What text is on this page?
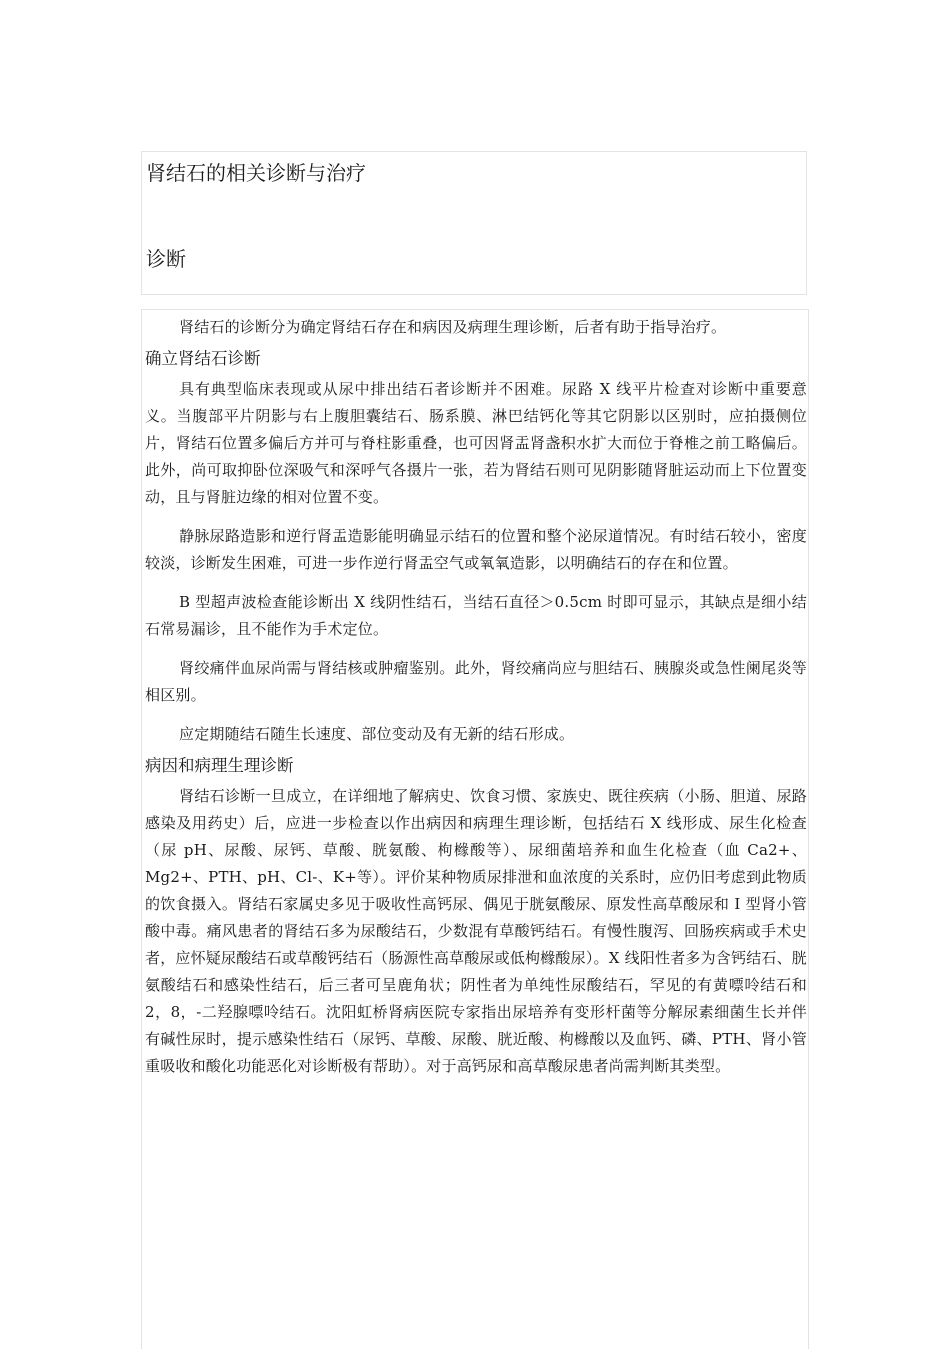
肾结石的相关诊断与治疗
诊断

肾结石的诊断分为确定肾结石存在和病因及病理生理诊断，后者有助于指导治疗。

确立肾结石诊断

具有典型临床表现或从尿中排出结石者诊断并不困难。尿路 X 线平片检查对诊断中重要意义。当腹部平片阴影与右上腹胆囊结石、肠系膜、淋巴结钙化等其它阴影以区别时，应拍摄侧位片，肾结石位置多偏后方并可与脊柱影重叠，也可因肾盂肾盏积水扩大而位于脊椎之前工略偏后。此外，尚可取抑卧位深吸气和深呼气各摄片一张，若为肾结石则可见阴影随肾脏运动而上下位置变动，且与肾脏边缘的相对位置不变。

静脉尿路造影和逆行肾盂造影能明确显示结石的位置和整个泌尿道情况。有时结石较小，密度较淡，诊断发生困难，可进一步作逆行肾盂空气或氧氧造影，以明确结石的存在和位置。

B 型超声波检查能诊断出 X 线阴性结石，当结石直径＞0.5cm 时即可显示，其缺点是细小结石常易漏诊，且不能作为手术定位。

肾绞痛伴血尿尚需与肾结核或肿瘤鉴别。此外，肾绞痛尚应与胆结石、胰腺炎或急性阑尾炎等相区别。

应定期随结石随生长速度、部位变动及有无新的结石形成。

病因和病理生理诊断

肾结石诊断一旦成立，在详细地了解病史、饮食习惯、家族史、既往疾病（小肠、胆道、尿路感染及用药史）后，应进一步检查以作出病因和病理生理诊断，包括结石 X 线形成、尿生化检查（尿 pH、尿酸、尿钙、草酸、胱氨酸、枸橼酸等）、尿细菌培养和血生化检查（血 Ca2+、Mg2+、PTH、pH、Cl-、K+等）。评价某种物质尿排泄和血浓度的关系时，应仍旧考虑到此物质的饮食摄入。肾结石家属史多见于吸收性高钙尿、偶见于胱氨酸尿、原发性高草酸尿和 I 型肾小管酸中毒。痛风患者的肾结石多为尿酸结石，少数混有草酸钙结石。有慢性腹泻、回肠疾病或手术史者，应怀疑尿酸结石或草酸钙结石（肠源性高草酸尿或低枸橼酸尿）。X 线阳性者多为含钙结石、胱氨酸结石和感染性结石，后三者可呈鹿角状；阴性者为单纯性尿酸结石，罕见的有黄嘌呤结石和2，8，-二羟腺嘌呤结石。沈阳虹桥肾病医院专家指出尿培养有变形杆菌等分解尿素细菌生长并伴有碱性尿时，提示感染性结石（尿钙、草酸、尿酸、胱近酸、枸橼酸以及血钙、磷、PTH、肾小管重吸收和酸化功能恶化对诊断极有帮助）。对于高钙尿和高草酸尿患者尚需判断其类型。
